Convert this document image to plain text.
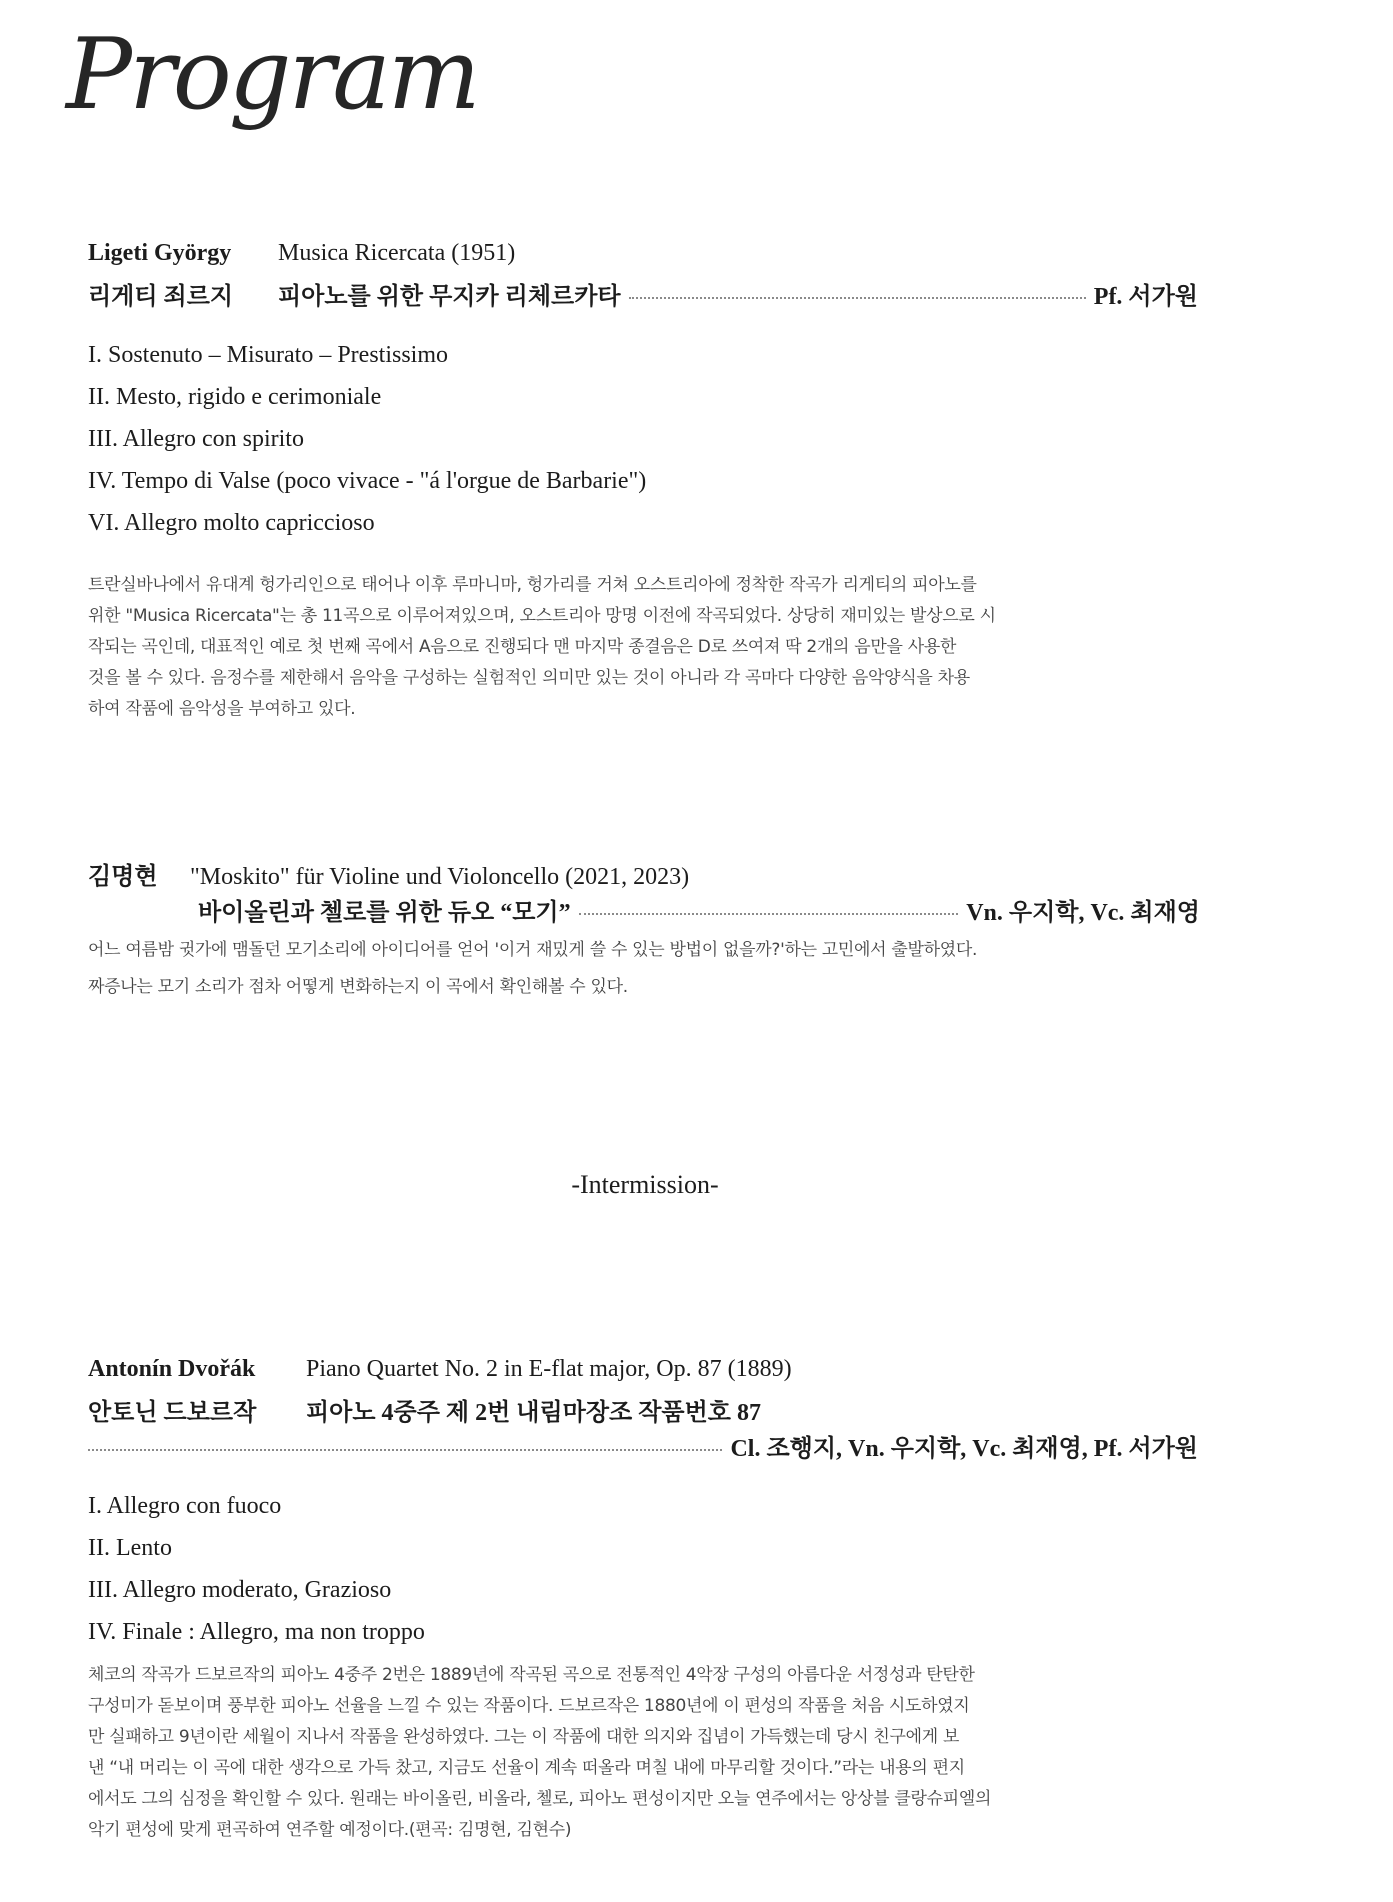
Program
Ligeti György	Musica Ricercata (1951)
리게티 죄르지	피아노를 위한 무지카 리체르카타	Pf. 서가원
I. Sostenuto – Misurato – Prestissimo
II. Mesto, rigido e cerimoniale
III. Allegro con spirito
IV. Tempo di Valse (poco vivace - "á l'orgue de Barbarie")
VI. Allegro molto capriccioso
트란실바나에서 유대계 헝가리인으로 태어나 이후 루마니마, 헝가리를 거쳐 오스트리아에 정착한 작곡가 리게티의 피아노를
위한 "Musica Ricercata"는 총 11곡으로 이루어져있으며, 오스트리아 망명 이전에 작곡되었다. 상당히 재미있는 발상으로 시
작되는 곡인데, 대표적인 예로 첫 번째 곡에서 A음으로 진행되다 맨 마지막 종결음은 D로 쓰여져 딱 2개의 음만을 사용한
것을 볼 수 있다. 음정수를 제한해서 음악을 구성하는 실험적인 의미만 있는 것이 아니라 각 곡마다 다양한 음악양식을 차용
하여 작품에 음악성을 부여하고 있다.
김명현	"Moskito" für Violine und Violoncello (2021, 2023)
바이올린과 첼로를 위한 듀오 “모기”	Vn. 우지학, Vc. 최재영
어느 여름밤 귓가에 맴돌던 모기소리에 아이디어를 얻어 '이거 재밌게 쓸 수 있는 방법이 없을까?'하는 고민에서 출발하였다.
짜증나는 모기 소리가 점차 어떻게 변화하는지 이 곡에서 확인해볼 수 있다.
-Intermission-
Antonín Dvořák	Piano Quartet No. 2 in E-flat major, Op. 87 (1889)
안토닌 드보르작	피아노 4중주 제 2번 내림마장조 작품번호 87
Cl. 조행지, Vn. 우지학, Vc. 최재영, Pf. 서가원
I. Allegro con fuoco
II. Lento
III. Allegro moderato, Grazioso
IV. Finale : Allegro, ma non troppo
체코의 작곡가 드보르작의 피아노 4중주 2번은 1889년에 작곡된 곡으로 전통적인 4악장 구성의 아름다운 서정성과 탄탄한
구성미가 돋보이며 풍부한 피아노 선율을 느낄 수 있는 작품이다. 드보르작은 1880년에 이 편성의 작품을 처음 시도하였지
만 실패하고 9년이란 세월이 지나서 작품을 완성하였다. 그는 이 작품에 대한 의지와 집념이 가득했는데 당시 친구에게 보
낸 “내 머리는 이 곡에 대한 생각으로 가득 찼고, 지금도 선율이 계속 떠올라 며칠 내에 마무리할 것이다.”라는 내용의 편지
에서도 그의 심정을 확인할 수 있다. 원래는 바이올린, 비올라, 첼로, 피아노 편성이지만 오늘 연주에서는 앙상블 클랑슈피엘의
악기 편성에 맞게 편곡하여 연주할 예정이다.(편곡: 김명현, 김현수)
